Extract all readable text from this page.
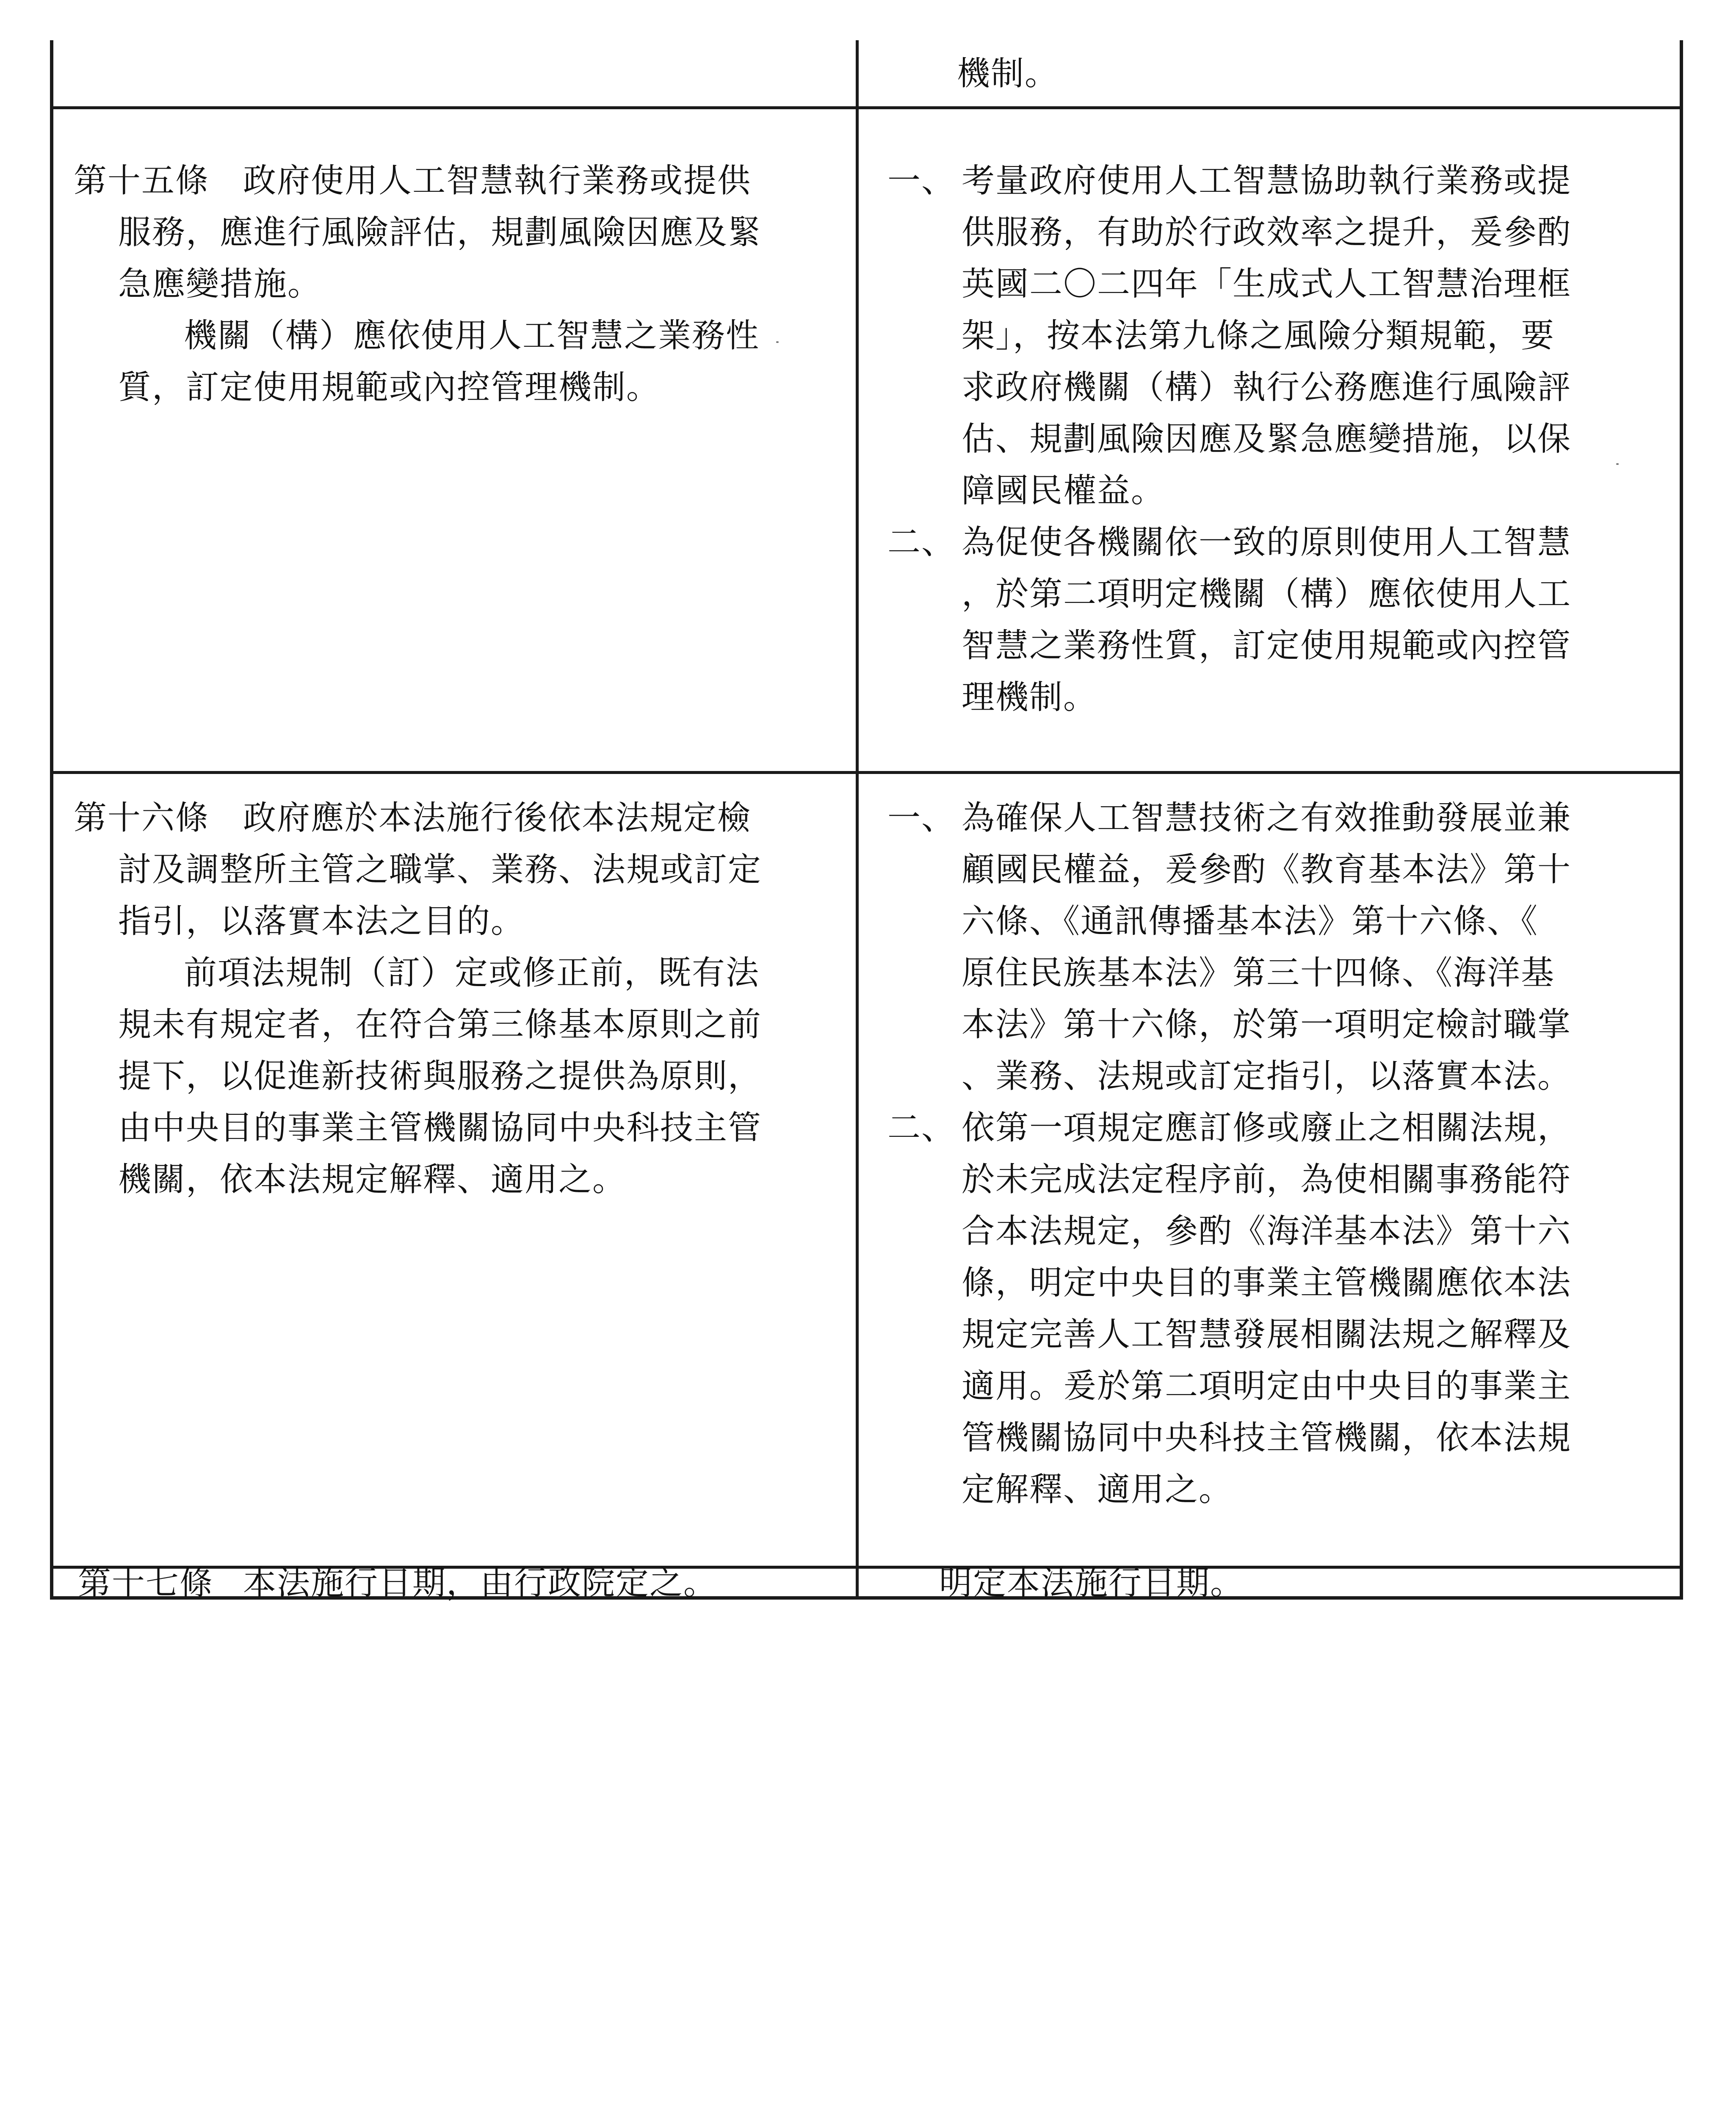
機制。
第十五條 政府使用人工智慧執行業務或提供
服務，應進行風險評估，規劃風險因應及緊
急應變措施。
機關（構）應依使用人工智慧之業務性
質，訂定使用規範或內控管理機制。
一、 考量政府使用人工智慧協助執行業務或提
供服務，有助於行政效率之提升，爰參酌
英國二〇二四年「生成式人工智慧治理框
架」，按本法第九條之風險分類規範，要
求政府機關（構）執行公務應進行風險評
估、規劃風險因應及緊急應變措施，以保
障國民權益。
二、 為促使各機關依一致的原則使用人工智慧
，於第二項明定機關（構）應依使用人工
智慧之業務性質，訂定使用規範或內控管
理機制。
第十六條 政府應於本法施行後依本法規定檢
討及調整所主管之職掌、業務、法規或訂定
指引，以落實本法之目的。
前項法規制（訂）定或修正前，既有法
規未有規定者，在符合第三條基本原則之前
提下，以促進新技術與服務之提供為原則，
由中央目的事業主管機關協同中央科技主管
機關，依本法規定解釋、適用之。
一、 為確保人工智慧技術之有效推動發展並兼
顧國民權益，爰參酌《教育基本法》第十
六條、《通訊傳播基本法》第十六條、《
原住民族基本法》第三十四條、《海洋基
本法》第十六條，於第一項明定檢討職掌
、業務、法規或訂定指引，以落實本法。
二、 依第一項規定應訂修或廢止之相關法規，
於未完成法定程序前，為使相關事務能符
合本法規定，參酌《海洋基本法》第十六
條，明定中央目的事業主管機關應依本法
規定完善人工智慧發展相關法規之解釋及
適用。爰於第二項明定由中央目的事業主
管機關協同中央科技主管機關，依本法規
定解釋、適用之。
第十七條 本法施行日期，由行政院定之。	明定本法施行日期。
